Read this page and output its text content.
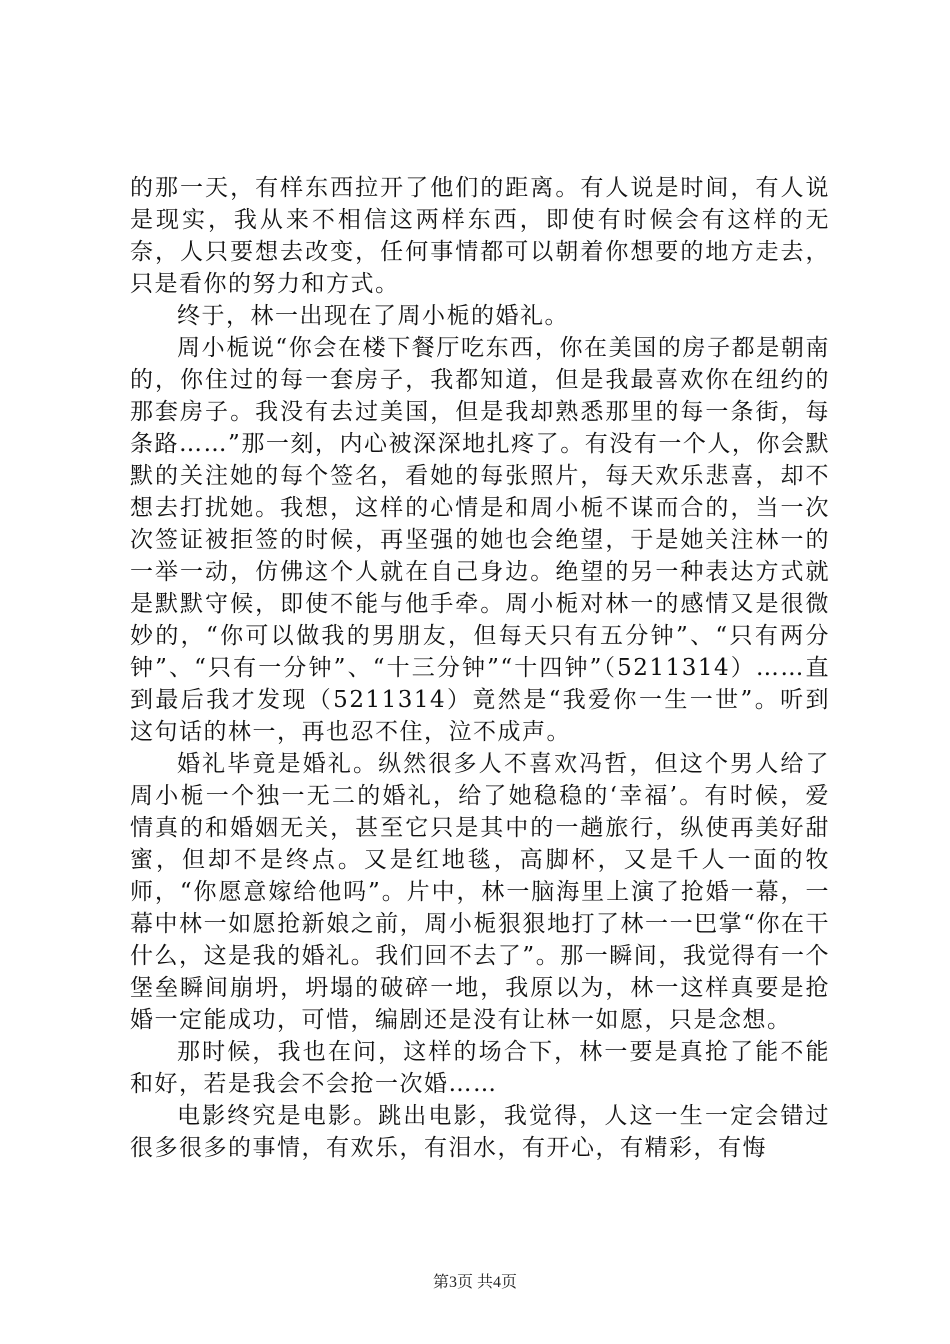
的那一天，有样东西拉开了他们的距离。有人说是时间，有人说是现实，我从来不相信这两样东西，即使有时候会有这样的无奈，人只要想去改变，任何事情都可以朝着你想要的地方走去，只是看你的努力和方式。

终于，林一出现在了周小栀的婚礼。

周小栀说“你会在楼下餐厅吃东西，你在美国的房子都是朝南的，你住过的每一套房子，我都知道，但是我最喜欢你在纽约的那套房子。我没有去过美国，但是我却熟悉那里的每一条街，每条路……”那一刻，内心被深深地扎疼了。有没有一个人，你会默默的关注她的每个签名，看她的每张照片，每天欢乐悲喜，却不想去打扰她。我想，这样的心情是和周小栀不谋而合的，当一次次签证被拒签的时候，再坚强的她也会绝望，于是她关注林一的一举一动，仿佛这个人就在自己身边。绝望的另一种表达方式就是默默守候，即使不能与他手牵。周小栀对林一的感情又是很微妙的，“你可以做我的男朋友，但每天只有五分钟”、“只有两分钟”、“只有一分钟”、“十三分钟”“十四钟”（5211314）……直到最后我才发现（5211314）竟然是“我爱你一生一世”。听到这句话的林一，再也忍不住，泣不成声。

婚礼毕竟是婚礼。纵然很多人不喜欢冯哲，但这个男人给了周小栀一个独一无二的婚礼，给了她稳稳的‘幸福’。有时候，爱情真的和婚姻无关，甚至它只是其中的一趟旅行，纵使再美好甜蜜，但却不是终点。又是红地毯，高脚杯，又是千人一面的牧师，“你愿意嫁给他吗”。片中，林一脑海里上演了抢婚一幕，一幕中林一如愿抢新娘之前，周小栀狠狠地打了林一一巴掌“你在干什么，这是我的婚礼。我们回不去了”。那一瞬间，我觉得有一个堡垒瞬间崩坍，坍塌的破碎一地，我原以为，林一这样真要是抢婚一定能成功，可惜，编剧还是没有让林一如愿，只是念想。

那时候，我也在问，这样的场合下，林一要是真抢了能不能和好，若是我会不会抢一次婚……

电影终究是电影。跳出电影，我觉得，人这一生一定会错过很多很多的事情，有欢乐，有泪水，有开心，有精彩，有悔

第3页 共4页
